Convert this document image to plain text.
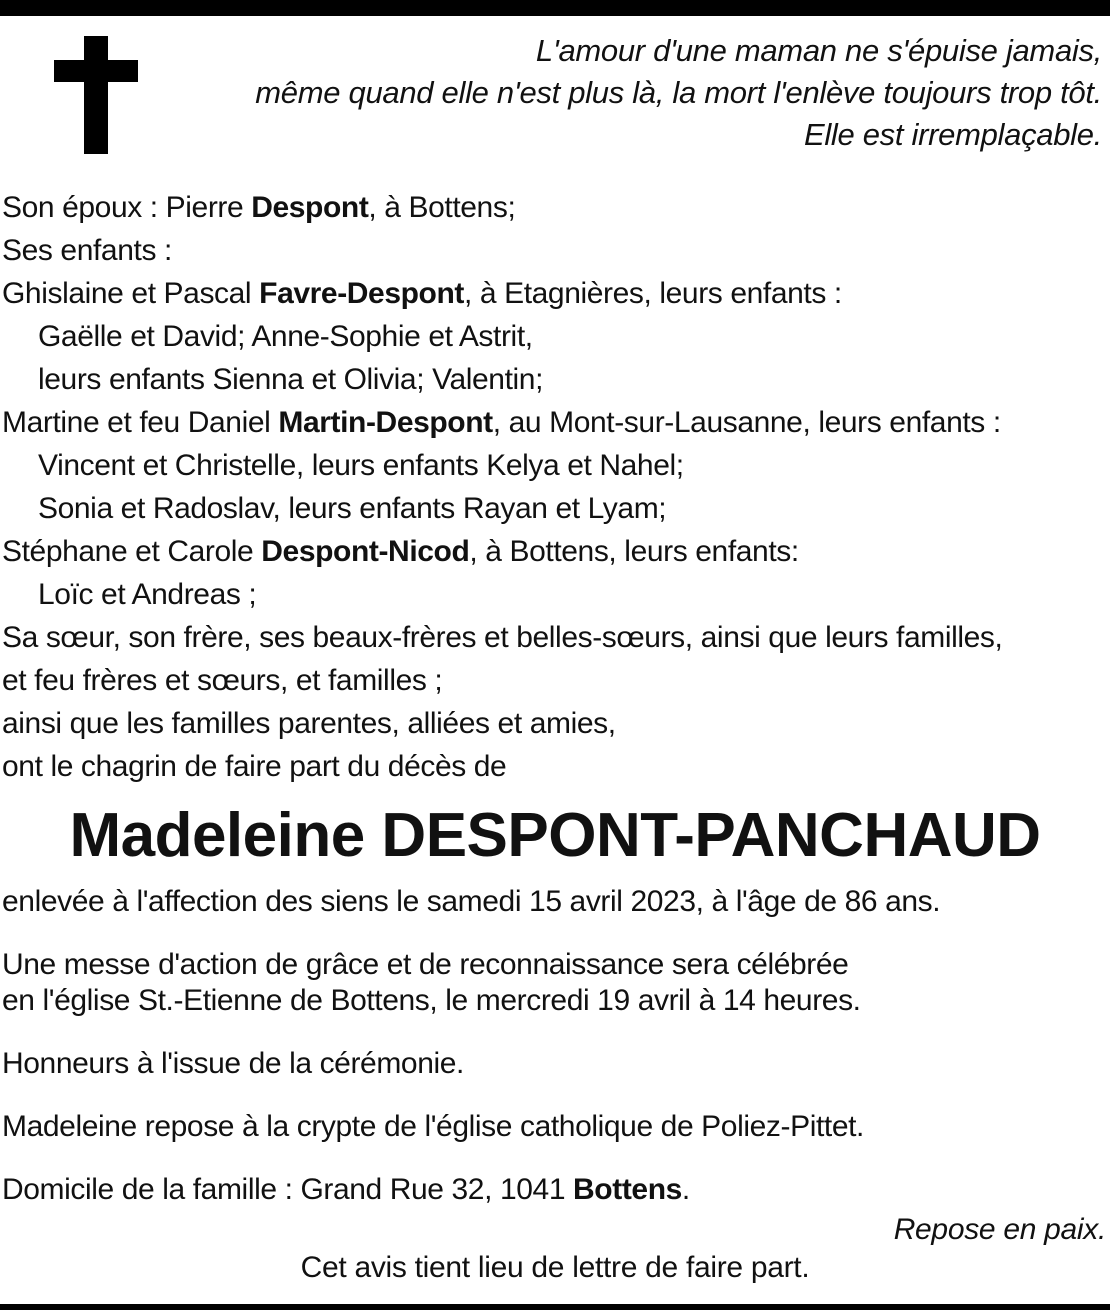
L'amour d'une maman ne s'épuise jamais,
même quand elle n'est plus là, la mort l'enlève toujours trop tôt.
Elle est irremplaçable.
Son époux : Pierre Despont, à Bottens;
Ses enfants :
Ghislaine et Pascal Favre-Despont, à Etagnières, leurs enfants :
Gaëlle et David; Anne-Sophie et Astrit,
leurs enfants Sienna et Olivia; Valentin;
Martine et feu Daniel Martin-Despont, au Mont-sur-Lausanne, leurs enfants :
Vincent et Christelle, leurs enfants Kelya et Nahel;
Sonia et Radoslav, leurs enfants Rayan et Lyam;
Stéphane et Carole Despont-Nicod, à Bottens, leurs enfants:
Loïc et Andreas ;
Sa sœur, son frère, ses beaux-frères et belles-sœurs, ainsi que leurs familles,
et feu frères et sœurs, et familles ;
ainsi que les familles parentes, alliées et amies,
ont le chagrin de faire part du décès de
Madeleine DESPONT-PANCHAUD

enlevée à l'affection des siens le samedi 15 avril 2023, à l'âge de 86 ans.

Une messe d'action de grâce et de reconnaissance sera célébrée

en l'église St.-Etienne de Bottens, le mercredi 19 avril à 14 heures.

Honneurs à l'issue de la cérémonie.

Madeleine repose à la crypte de l'église catholique de Poliez-Pittet.

Domicile de la famille : Grand Rue 32, 1041 Bottens.

Repose en paix.
Cet avis tient lieu de lettre de faire part.
